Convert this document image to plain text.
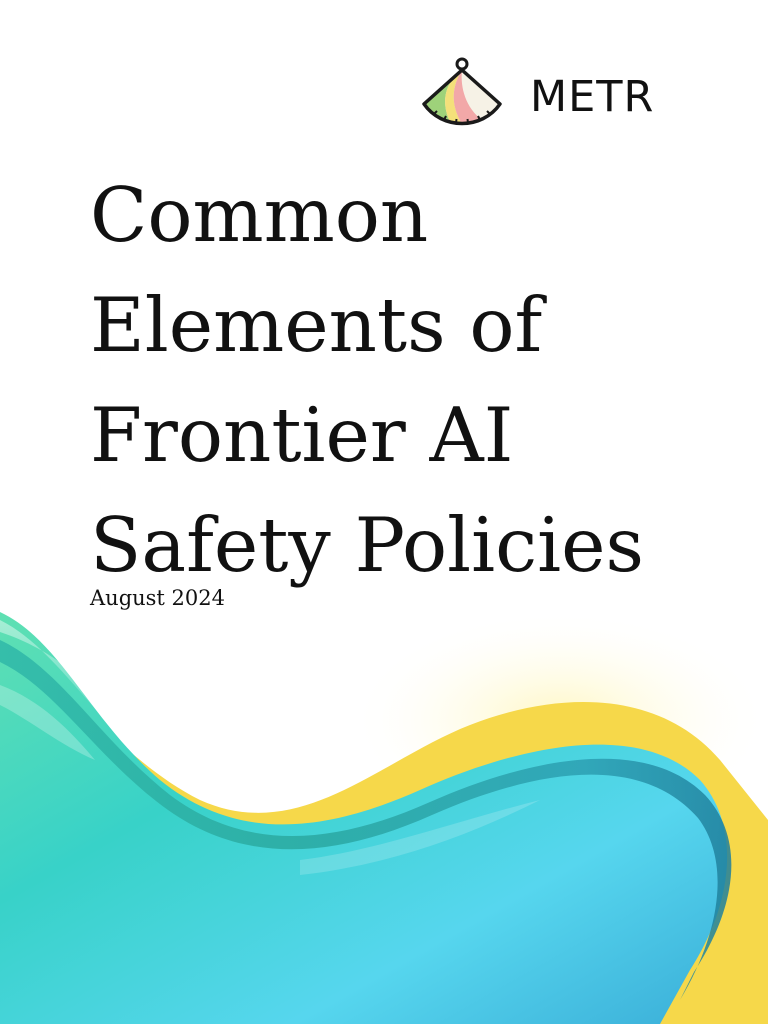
METR
Common
Elements of
Frontier AI
Safety Policies
August 2024
